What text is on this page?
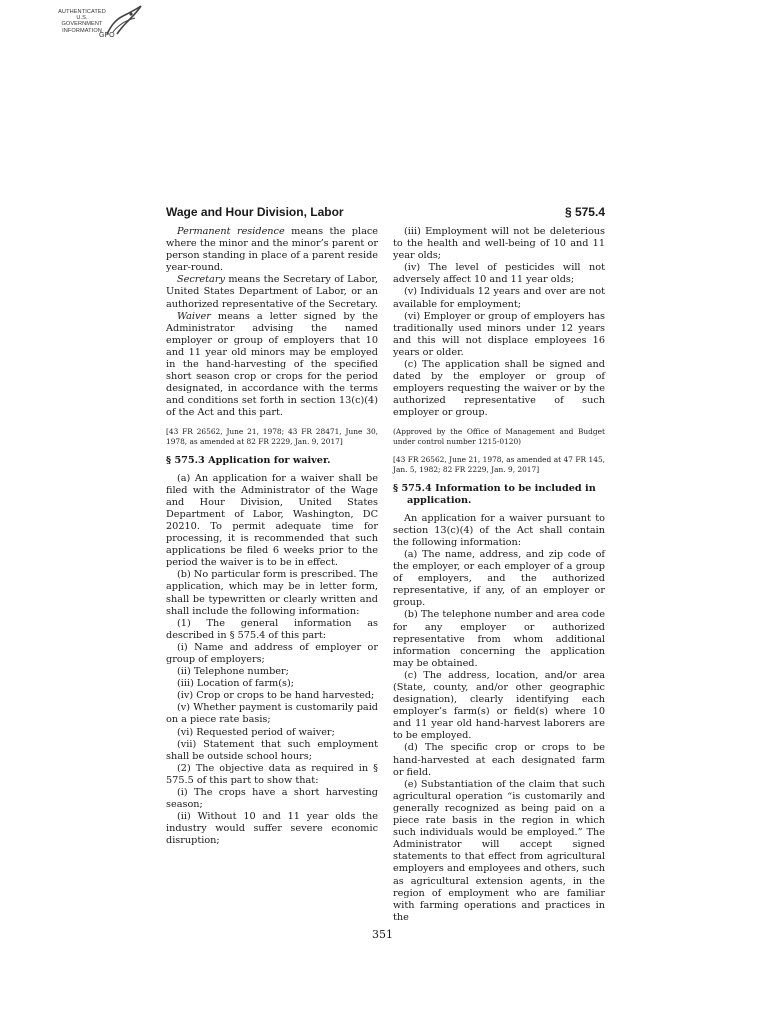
AUTHENTICATED
U.S. GOVERNMENT
INFORMATION
GPO
Wage and Hour Division, Labor	§ 575.4

Permanent residence means the place where the minor and the minor’s parent or person standing in place of a parent reside year-round.

Secretary means the Secretary of Labor, United States Department of Labor, or an authorized representative of the Secretary.

Waiver means a letter signed by the Administrator advising the named employer or group of employers that 10 and 11 year old minors may be employed in the hand-harvesting of the specified short season crop or crops for the period designated, in accordance with the terms and conditions set forth in section 13(c)(4) of the Act and this part.

[43 FR 26562, June 21, 1978; 43 FR 28471, June 30, 1978, as amended at 82 FR 2229, Jan. 9, 2017]

§ 575.3 Application for waiver.

(a) An application for a waiver shall be filed with the Administrator of the Wage and Hour Division, United States Department of Labor, Washington, DC 20210. To permit adequate time for processing, it is recommended that such applications be filed 6 weeks prior to the period the waiver is to be in effect.

(b) No particular form is prescribed. The application, which may be in letter form, shall be typewritten or clearly written and shall include the following information:

(1) The general information as described in § 575.4 of this part:

(i) Name and address of employer or group of employers;

(ii) Telephone number;

(iii) Location of farm(s);

(iv) Crop or crops to be hand harvested;

(v) Whether payment is customarily paid on a piece rate basis;

(vi) Requested period of waiver;

(vii) Statement that such employment shall be outside school hours;

(2) The objective data as required in § 575.5 of this part to show that:

(i) The crops have a short harvesting season;

(ii) Without 10 and 11 year olds the industry would suffer severe economic disruption;

(iii) Employment will not be deleterious to the health and well-being of 10 and 11 year olds;

(iv) The level of pesticides will not adversely affect 10 and 11 year olds;

(v) Individuals 12 years and over are not available for employment;

(vi) Employer or group of employers has traditionally used minors under 12 years and this will not displace employees 16 years or older.

(c) The application shall be signed and dated by the employer or group of employers requesting the waiver or by the authorized representative of such employer or group.

(Approved by the Office of Management and Budget under control number 1215-0120)

[43 FR 26562, June 21, 1978, as amended at 47 FR 145, Jan. 5, 1982; 82 FR 2229, Jan. 9, 2017]

§ 575.4 Information to be included in
application.

An application for a waiver pursuant to section 13(c)(4) of the Act shall contain the following information:

(a) The name, address, and zip code of the employer, or each employer of a group of employers, and the authorized representative, if any, of an employer or group.

(b) The telephone number and area code for any employer or authorized representative from whom additional information concerning the application may be obtained.

(c) The address, location, and/or area (State, county, and/or other geographic designation), clearly identifying each employer’s farm(s) or field(s) where 10 and 11 year old hand-harvest laborers are to be employed.

(d) The specific crop or crops to be hand-harvested at each designated farm or field.

(e) Substantiation of the claim that such agricultural operation “is customarily and generally recognized as being paid on a piece rate basis in the region in which such individuals would be employed.” The Administrator will accept signed statements to that effect from agricultural employers and employees and others, such as agricultural extension agents, in the region of employment who are familiar with farming operations and practices in the

351
